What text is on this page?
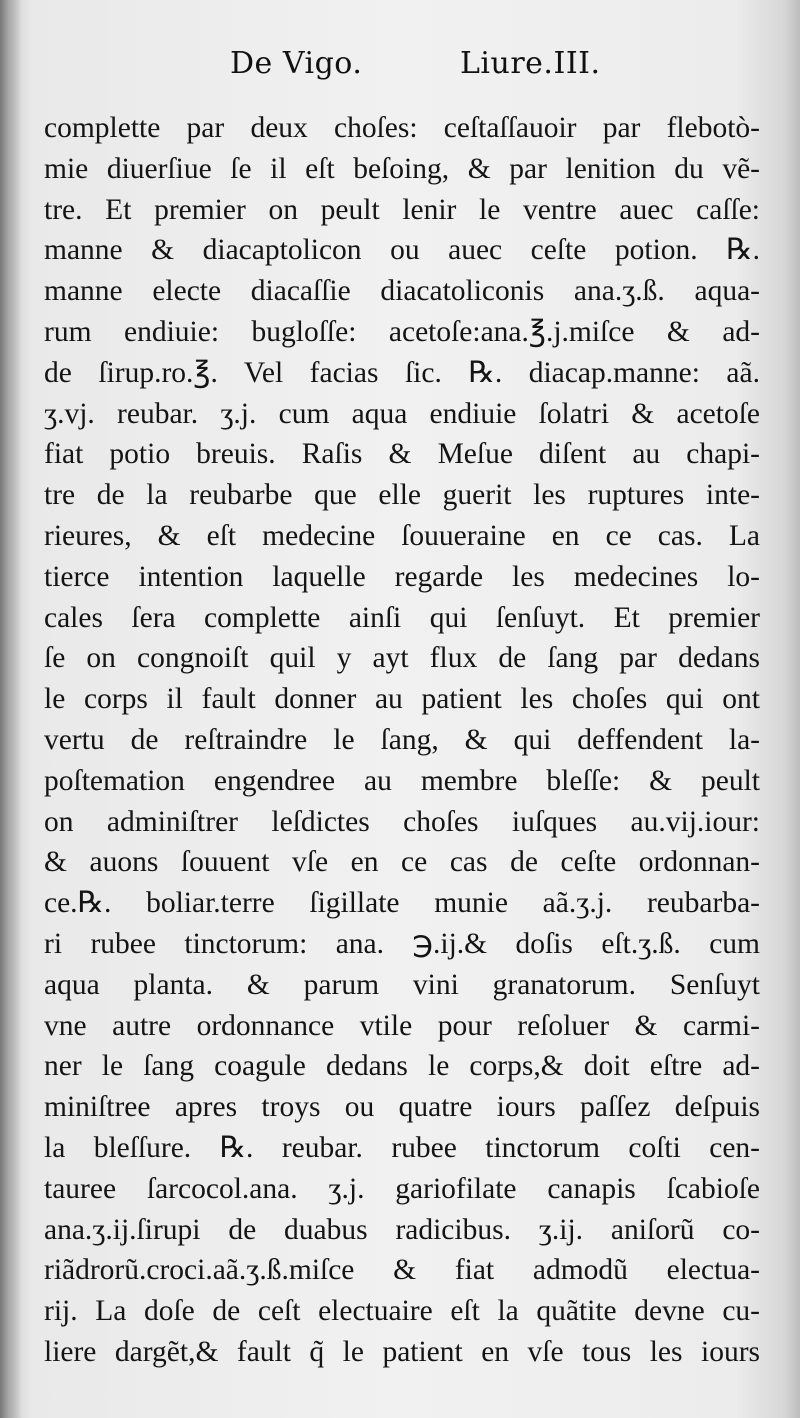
De Vigo.	Liure.III.
complette par deux choſes: ceſtaſſauoir par flebotò-
mie diuerſiue ſe il eſt beſoing, & par lenition du vẽ-
tre. Et premier on peult lenir le ventre auec caſſe:
manne & diacaptolicon ou auec ceſte potion. ℞.
manne electe diacaſſie diacatoliconis ana.ʒ.ß. aqua-
rum endiuie: bugloſſe: acetoſe:ana.℥.j.miſce & ad-
de ſirup.ro.℥. Vel facias ſic. ℞. diacap.manne: aã.
ʒ.vj. reubar. ʒ.j. cum aqua endiuie ſolatri & acetoſe
fiat potio breuis. Raſis & Meſue diſent au chapi-
tre de la reubarbe que elle guerit les ruptures inte-
rieures, & eſt medecine ſouueraine en ce cas. La
tierce intention laquelle regarde les medecines lo-
cales ſera complette ainſi qui ſenſuyt. Et premier
ſe on congnoiſt quil y ayt flux de ſang par dedans
le corps il fault donner au patient les choſes qui ont
vertu de reſtraindre le ſang, & qui deffendent la-
poſtemation engendree au membre bleſſe: & peult
on adminiſtrer leſdictes choſes iuſques au.vij.iour:
& auons ſouuent vſe en ce cas de ceſte ordonnan-
ce.℞. boliar.terre ſigillate munie aã.ʒ.j. reubarba-
ri rubee tinctorum: ana. ℈.ij.& doſis eſt.ʒ.ß. cum
aqua planta. & parum vini granatorum. Senſuyt
vne autre ordonnance vtile pour reſoluer & carmi-
ner le ſang coagule dedans le corps,& doit eſtre ad-
miniſtree apres troys ou quatre iours paſſez deſpuis
la bleſſure. ℞. reubar. rubee tinctorum coſti cen-
tauree ſarcocol.ana. ʒ.j. gariofilate canapis ſcabioſe
ana.ʒ.ij.ſirupi de duabus radicibus. ʒ.ij. aniſorũ co-
riãdrorũ.croci.aã.ʒ.ß.miſce & fiat admodũ electua-
rij. La doſe de ceſt electuaire eſt la quãtite devne cu-
liere dargẽt,& fault q̃ le patient en vſe tous les iours
